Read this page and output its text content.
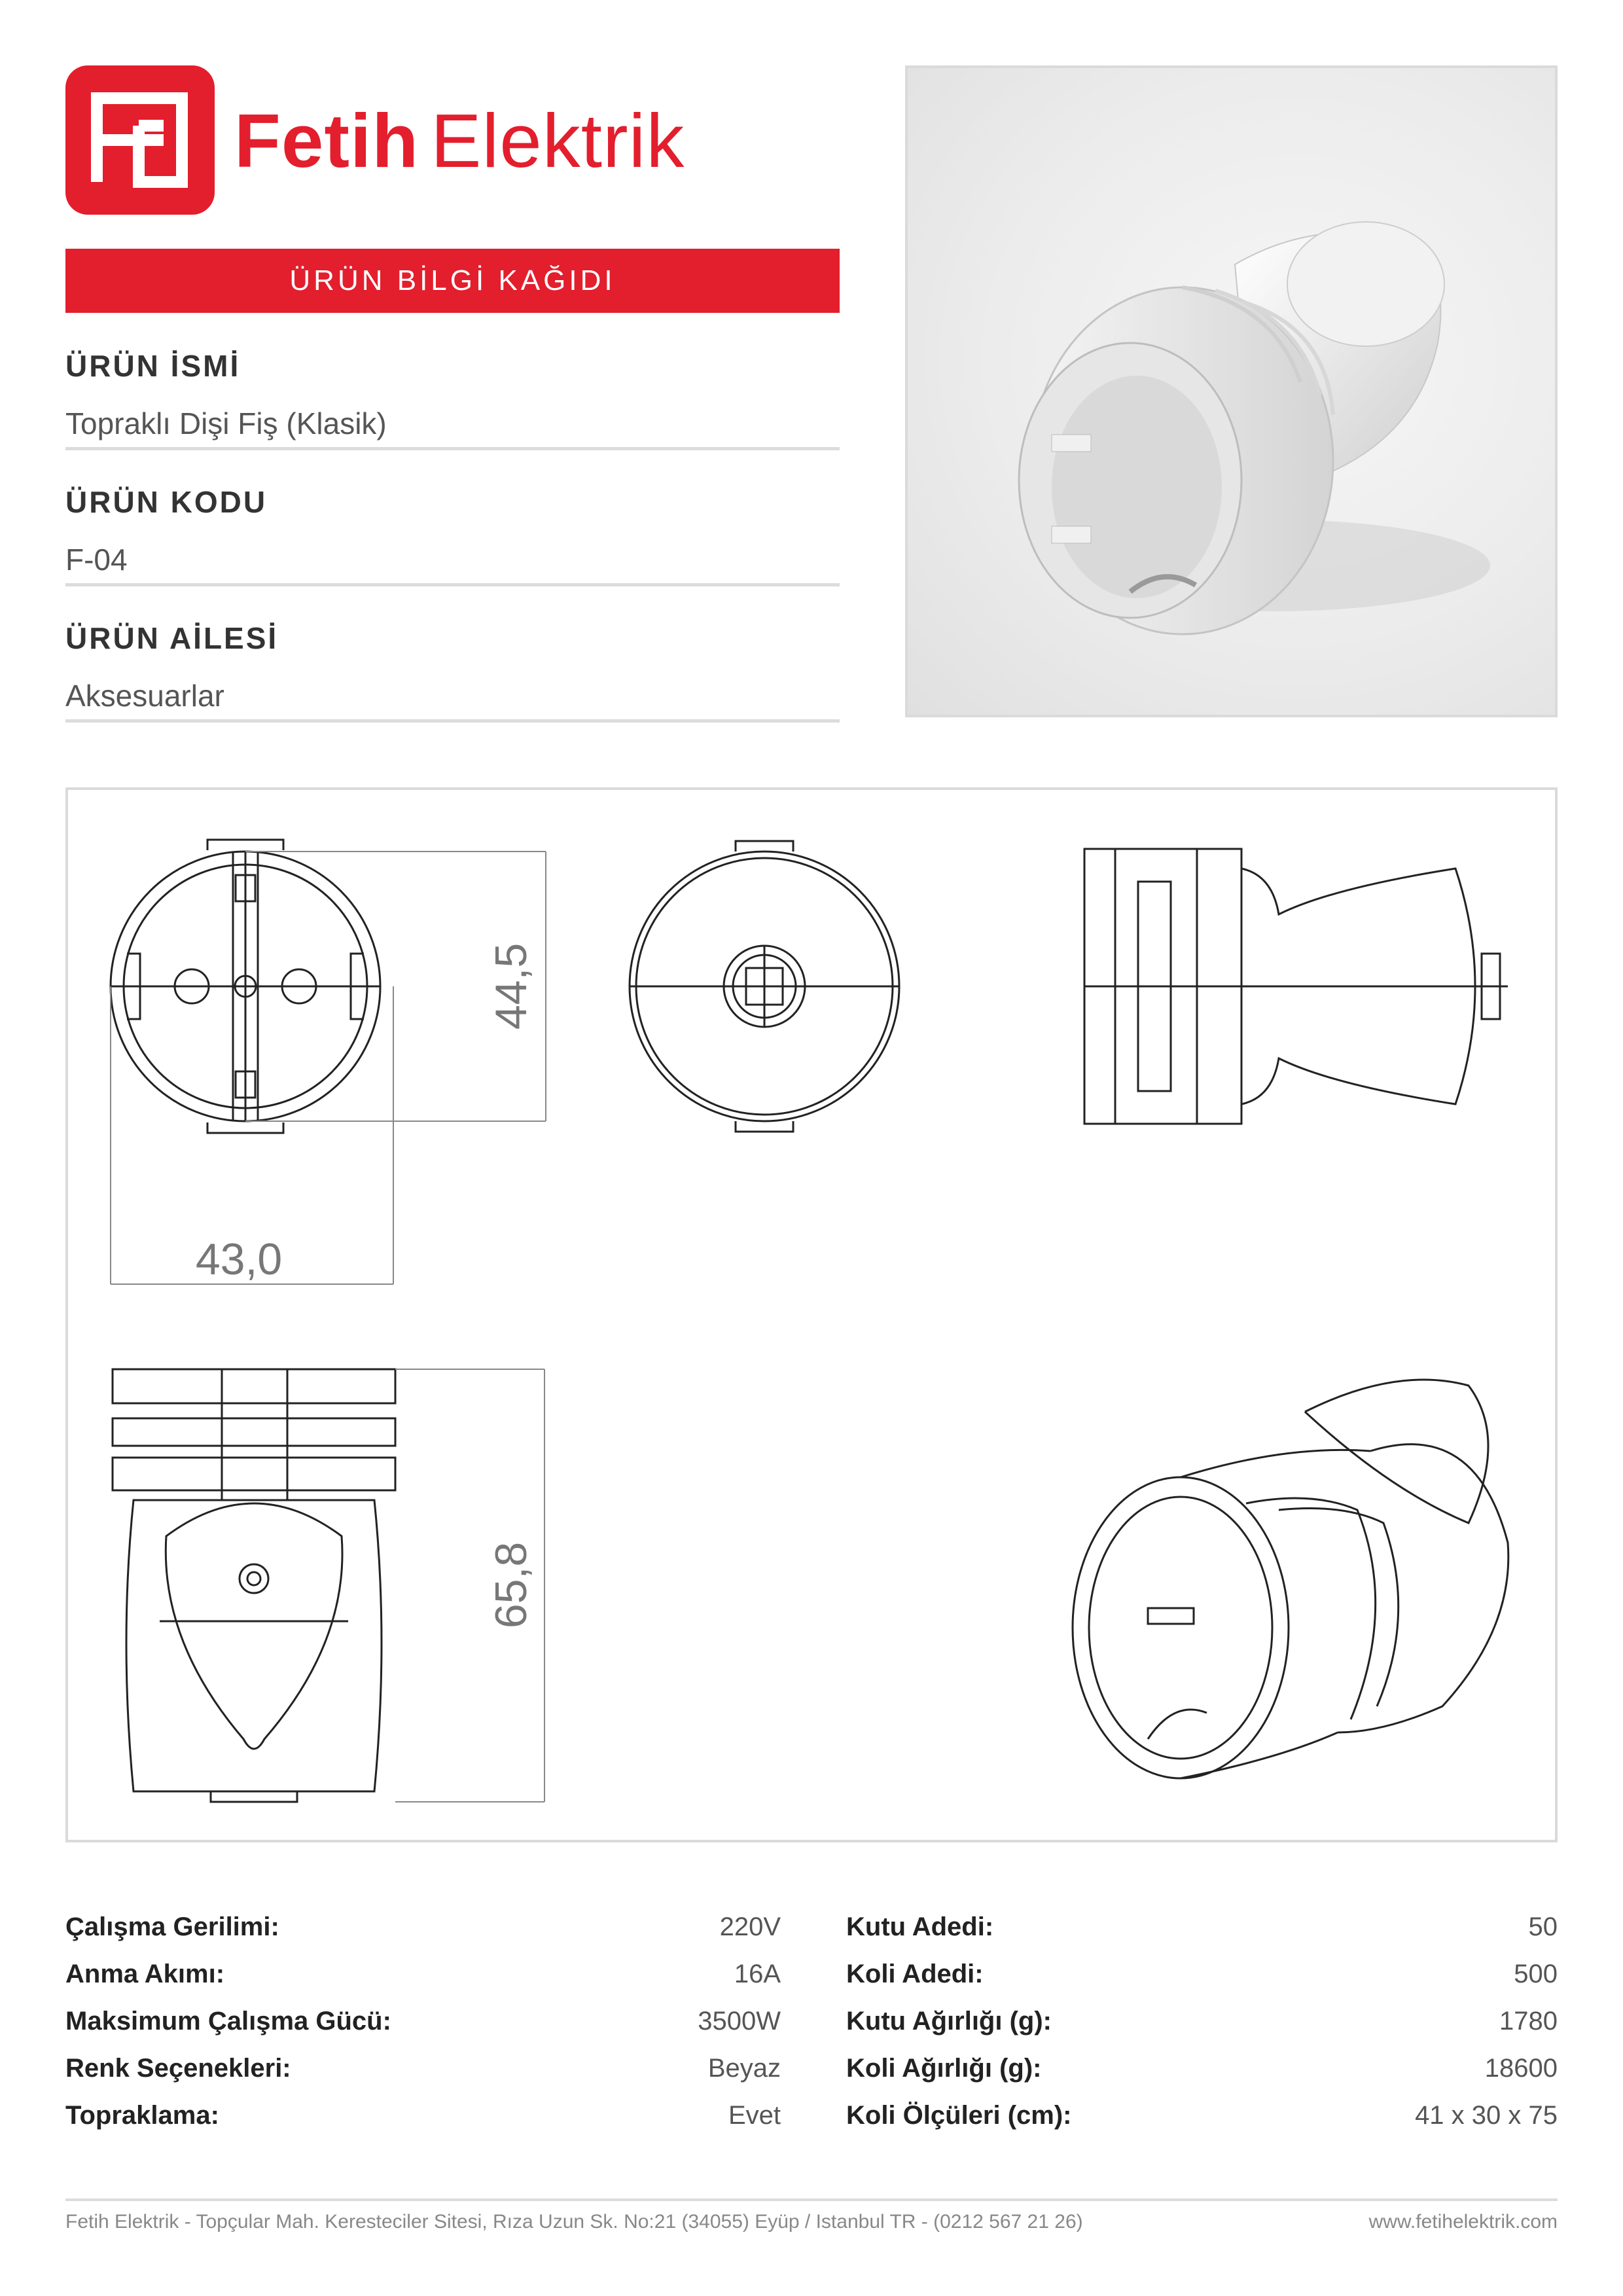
Fetih Elektrik
ÜRÜN BİLGİ KAĞIDI
ÜRÜN İSMİ
Topraklı Dişi Fiş (Klasik)
ÜRÜN KODU
F-04
ÜRÜN AİLESİ
Aksesuarlar
43,0
44,5
65,8
Çalışma Gerilimi:	220V
Anma Akımı:	16A
Maksimum Çalışma Gücü:	3500W
Renk Seçenekleri:	Beyaz
Topraklama:	Evet
Kutu Adedi:	50
Koli Adedi:	500
Kutu Ağırlığı (g):	1780
Koli Ağırlığı (g):	18600
Koli Ölçüleri (cm):	41 x 30 x 75
Fetih Elektrik - Topçular Mah. Keresteciler Sitesi, Rıza Uzun Sk. No:21 (34055) Eyüp / Istanbul TR - (0212 567 21 26)	www.fetihelektrik.com
